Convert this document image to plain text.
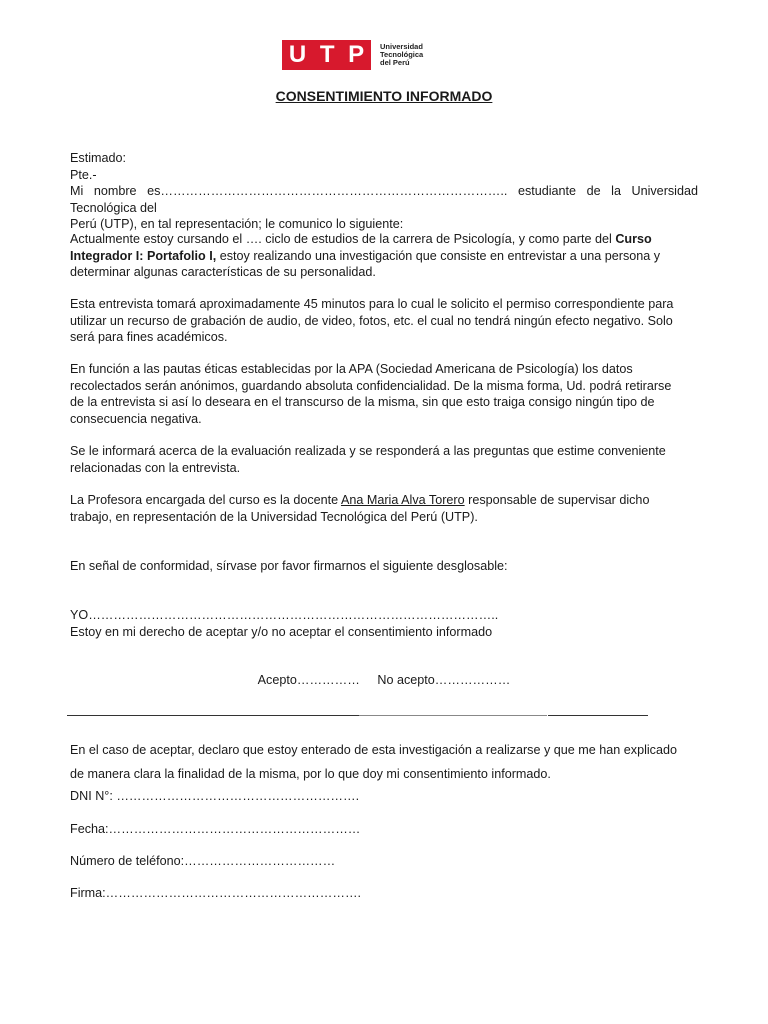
U T P Universidad
Tecnológica
del Perú
CONSENTIMIENTO INFORMADO
Estimado:
Pte.-
Mi nombre es……………………………………………………………………….. estudiante de la Universidad Tecnológica del
Perú (UTP), en tal representación; le comunico lo siguiente:

Actualmente estoy cursando el …. ciclo de estudios de la carrera de Psicología, y como parte del Curso
Integrador I: Portafolio I, estoy realizando una investigación que consiste en entrevistar a una persona y
determinar algunas características de su personalidad.

Esta entrevista tomará aproximadamente 45 minutos para lo cual le solicito el permiso correspondiente para
utilizar un recurso de grabación de audio, de video, fotos, etc. el cual no tendrá ningún efecto negativo. Solo
será para fines académicos.
En función a las pautas éticas establecidas por la APA (Sociedad Americana de Psicología) los datos
recolectados serán anónimos, guardando absoluta confidencialidad. De la misma forma, Ud. podrá retirarse
de la entrevista si así lo deseara en el transcurso de la misma, sin que esto traiga consigo ningún tipo de
consecuencia negativa.
Se le informará acerca de la evaluación realizada y se responderá a las preguntas que estime conveniente
relacionadas con la entrevista.

La Profesora encargada del curso es la docente Ana Maria Alva Torero responsable de supervisar dicho
trabajo, en representación de la Universidad Tecnológica del Perú (UTP).

En señal de conformidad, sírvase por favor firmarnos el siguiente desglosable:
YO……………………………………………………………………………………..
Estoy en mi derecho de aceptar y/o no aceptar el consentimiento informado
Acepto…………… No acepto………………
En el caso de aceptar, declaro que estoy enterado de esta investigación a realizarse y que me han explicado
de manera clara la finalidad de la misma, por lo que doy mi consentimiento informado.
DNI N°: ………………………………………………….
Fecha:……………………………………………………
Número de teléfono:………………………………
Firma:…………………………………………………….
